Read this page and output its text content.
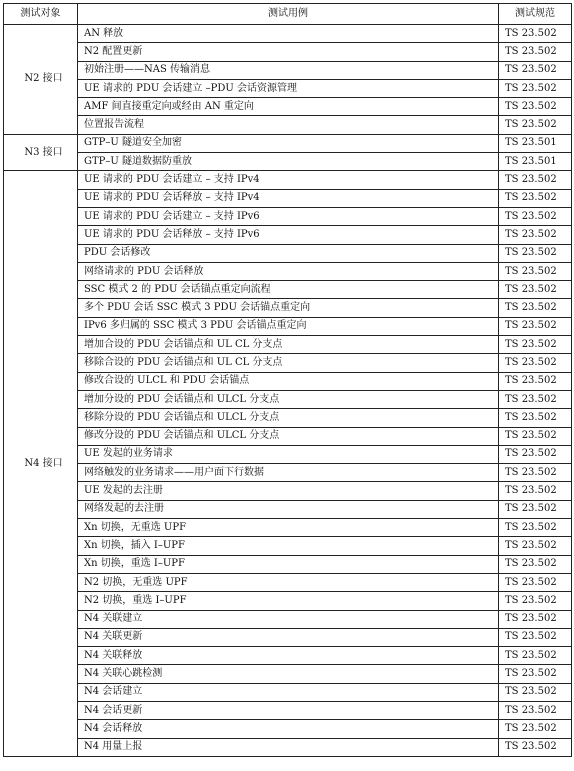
测试对象	测试用例	测试规范
N2 接口	AN 释放	TS 23.502
	N2 配置更新	TS 23.502
	初始注册——NAS 传输消息	TS 23.502
	UE 请求的 PDU 会话建立 –PDU 会话资源管理	TS 23.502
	AMF 间直接重定向或经由 AN 重定向	TS 23.502
	位置报告流程	TS 23.502
N3 接口	GTP–U 隧道安全加密	TS 23.501
	GTP–U 隧道数据防重放	TS 23.501
N4 接口	UE 请求的 PDU 会话建立 – 支持 IPv4	TS 23.502
	UE 请求的 PDU 会话释放 – 支持 IPv4	TS 23.502
	UE 请求的 PDU 会话建立 – 支持 IPv6	TS 23.502
	UE 请求的 PDU 会话释放 – 支持 IPv6	TS 23.502
	PDU 会话修改	TS 23.502
	网络请求的 PDU 会话释放	TS 23.502
	SSC 模式 2 的 PDU 会话锚点重定向流程	TS 23.502
	多个 PDU 会话 SSC 模式 3 PDU 会话锚点重定向	TS 23.502
	IPv6 多归属的 SSC 模式 3 PDU 会话锚点重定向	TS 23.502
	增加合设的 PDU 会话锚点和 UL CL 分支点	TS 23.502
	移除合设的 PDU 会话锚点和 UL CL 分支点	TS 23.502
	修改合设的 ULCL 和 PDU 会话锚点	TS 23.502
	增加分设的 PDU 会话锚点和 ULCL 分支点	TS 23.502
	移除分设的 PDU 会话锚点和 ULCL 分支点	TS 23.502
	修改分设的 PDU 会话锚点和 ULCL 分支点	TS 23.502
	UE 发起的业务请求	TS 23.502
	网络触发的业务请求——用户面下行数据	TS 23.502
	UE 发起的去注册	TS 23.502
	网络发起的去注册	TS 23.502
	Xn 切换，无重选 UPF	TS 23.502
	Xn 切换，插入 I–UPF	TS 23.502
	Xn 切换，重选 I–UPF	TS 23.502
	N2 切换，无重选 UPF	TS 23.502
	N2 切换，重选 I–UPF	TS 23.502
	N4 关联建立	TS 23.502
	N4 关联更新	TS 23.502
	N4 关联释放	TS 23.502
	N4 关联心跳检测	TS 23.502
	N4 会话建立	TS 23.502
	N4 会话更新	TS 23.502
	N4 会话释放	TS 23.502
	N4 用量上报	TS 23.502
